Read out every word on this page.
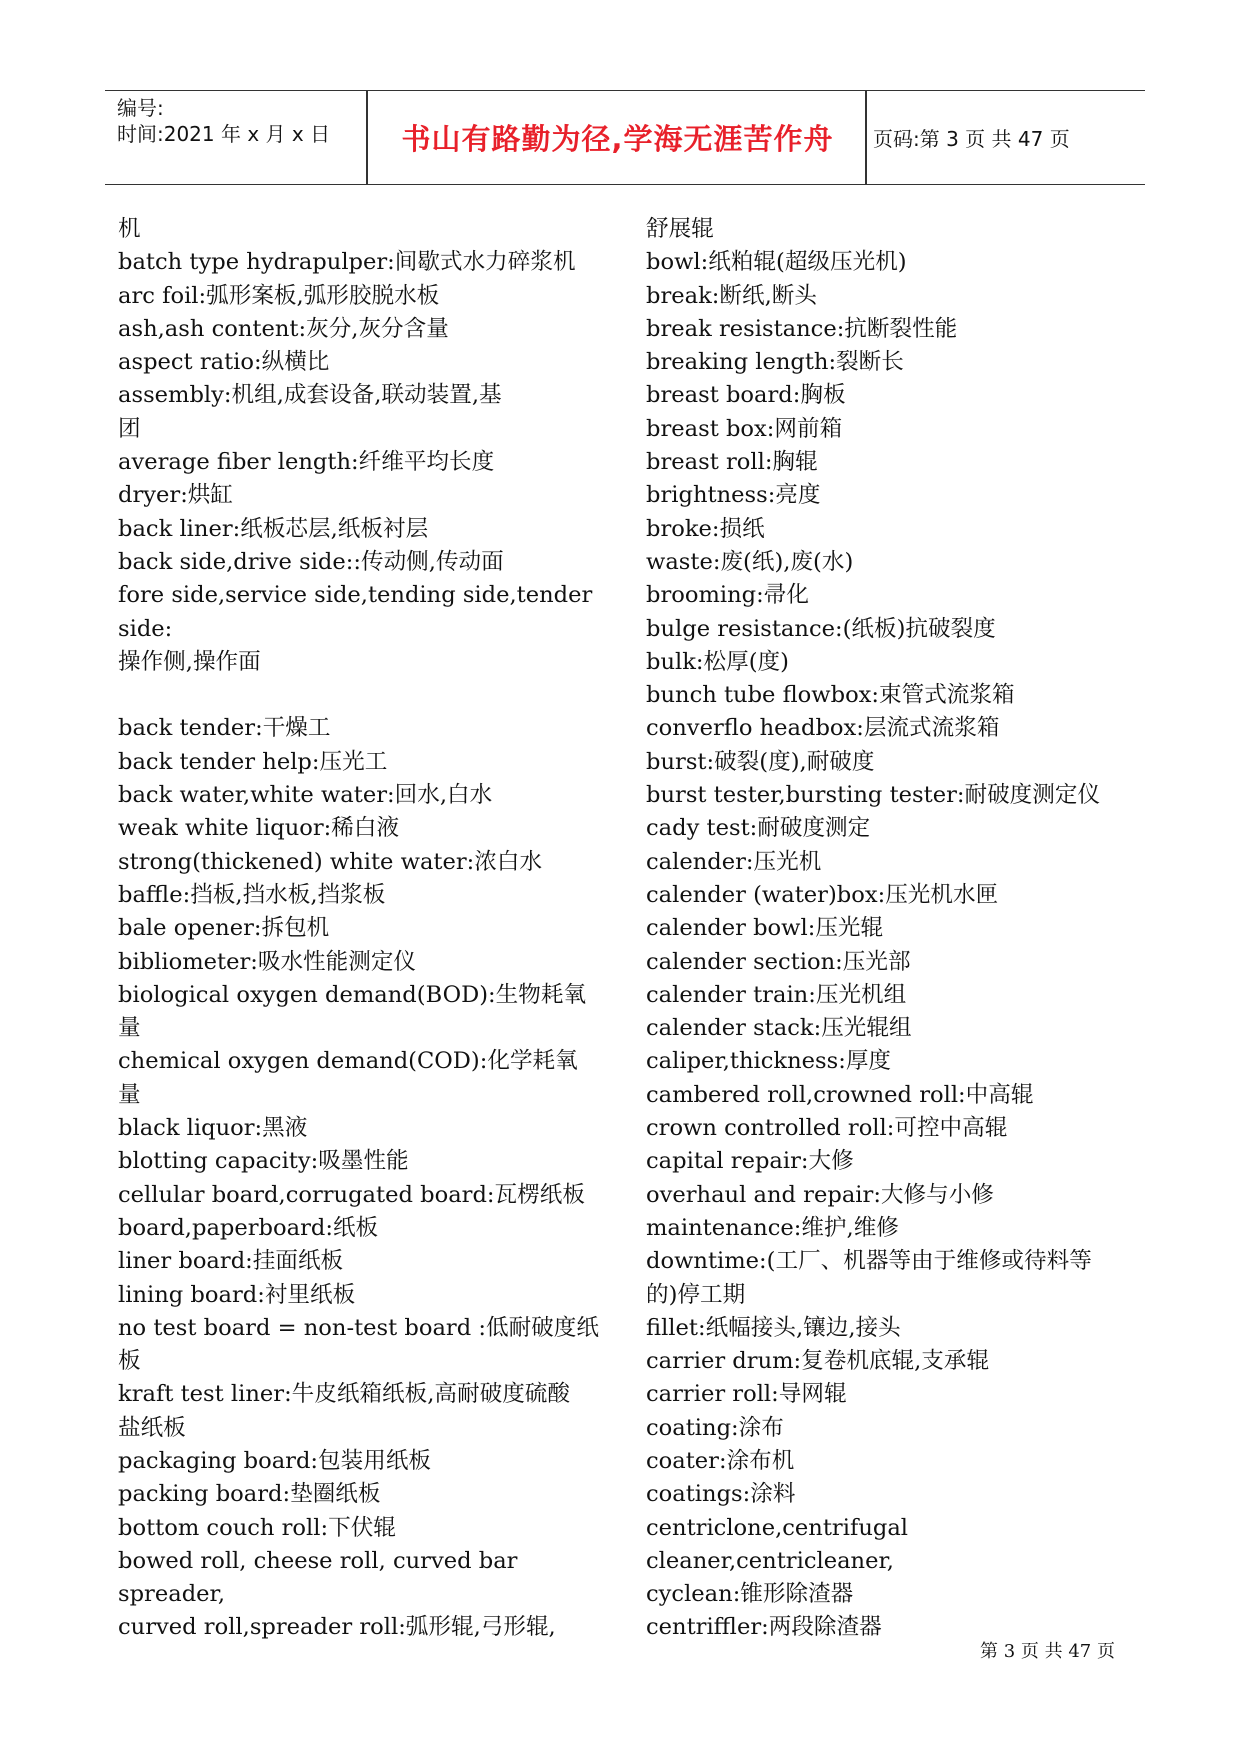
编号:
时间:2021 年 x 月 x 日	书山有路勤为径,学海无涯苦作舟	页码:第 3 页 共 47 页
机
batch type hydrapulper:间歇式水力碎浆机
arc foil:弧形案板,弧形胶脱水板
ash,ash content:灰分,灰分含量
aspect ratio:纵横比
assembly:机组,成套设备,联动装置,基
团
average fiber length:纤维平均长度
dryer:烘缸
back liner:纸板芯层,纸板衬层
back side,drive side::传动侧,传动面
fore side,service side,tending side,tender side:
操作侧,操作面
back tender:干燥工
back tender help:压光工
back water,white water:回水,白水
weak white liquor:稀白液
strong(thickened) white water:浓白水
baffle:挡板,挡水板,挡浆板
bale opener:拆包机
bibliometer:吸水性能测定仪
biological oxygen demand(BOD):生物耗氧
量
chemical oxygen demand(COD):化学耗氧
量
black liquor:黑液
blotting capacity:吸墨性能
cellular board,corrugated board:瓦楞纸板
board,paperboard:纸板
liner board:挂面纸板
lining board:衬里纸板
no test board = non-test board :低耐破度纸
板
kraft test liner:牛皮纸箱纸板,高耐破度硫酸
盐纸板
packaging board:包装用纸板
packing board:垫圈纸板
bottom couch roll:下伏辊
bowed roll, cheese roll, curved bar spreader,
curved roll,spreader roll:弧形辊,弓形辊,
舒展辊
bowl:纸粕辊(超级压光机)
break:断纸,断头
break resistance:抗断裂性能
breaking length:裂断长
breast board:胸板
breast box:网前箱
breast roll:胸辊
brightness:亮度
broke:损纸
waste:废(纸),废(水)
brooming:帚化
bulge resistance:(纸板)抗破裂度
bulk:松厚(度)
bunch tube flowbox:束管式流浆箱
converflo headbox:层流式流浆箱
burst:破裂(度),耐破度
burst tester,bursting tester:耐破度测定仪
cady test:耐破度测定
calender:压光机
calender (water)box:压光机水匣
calender bowl:压光辊
calender section:压光部
calender train:压光机组
calender stack:压光辊组
caliper,thickness:厚度
cambered roll,crowned roll:中高辊
crown controlled roll:可控中高辊
capital repair:大修
overhaul and repair:大修与小修
maintenance:维护,维修
downtime:(工厂、机器等由于维修或待料等
的)停工期
fillet:纸幅接头,镶边,接头
carrier drum:复卷机底辊,支承辊
carrier roll:导网辊
coating:涂布
coater:涂布机
coatings:涂料
centriclone,centrifugal cleaner,centricleaner,
cyclean:锥形除渣器
centriffler:两段除渣器
第 3 页 共 47 页
